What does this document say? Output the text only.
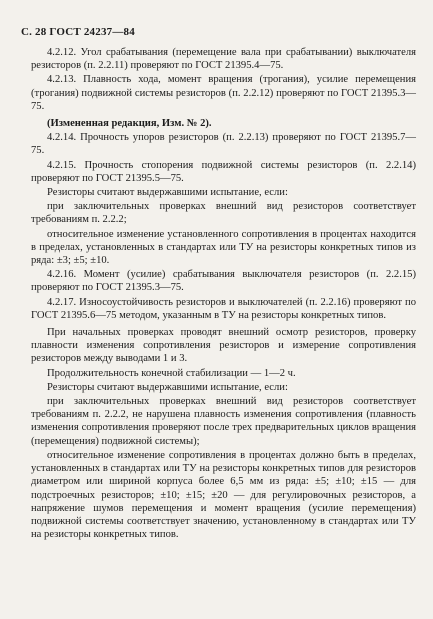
С. 28 ГОСТ 24237—84

4.2.12. Угол срабатывания (перемещение вала при срабатывании) выключателя резисторов (п. 2.2.11) проверяют по ГОСТ 21395.4—75.

4.2.13. Плавность хода, момент вращения (трогания), усилие перемещения (трогания) подвижной системы резисторов (п. 2.2.12) проверяют по ГОСТ 21395.3—75.

(Измененная редакция, Изм. № 2).

4.2.14. Прочность упоров резисторов (п. 2.2.13) проверяют по ГОСТ 21395.7—75.

4.2.15. Прочность стопорения подвижной системы резисторов (п. 2.2.14) проверяют по ГОСТ 21395.5—75.

Резисторы считают выдержавшими испытание, если:

при заключительных проверках внешний вид резисторов соответствует требованиям п. 2.2.2;

относительное изменение установленного сопротивления в процентах находится в пределах, установленных в стандартах или ТУ на резисторы конкретных типов из ряда: ±3; ±5; ±10.

4.2.16. Момент (усилие) срабатывания выключателя резисторов (п. 2.2.15) проверяют по ГОСТ 21395.3—75.

4.2.17. Износоустойчивость резисторов и выключателей (п. 2.2.16) проверяют по ГОСТ 21395.6—75 методом, указанным в ТУ на резисторы конкретных типов.

При начальных проверках проводят внешний осмотр резисторов, проверку плавности изменения сопротивления резисторов и измерение сопротивления резисторов между выводами 1 и 3.

Продолжительность конечной стабилизации — 1—2 ч.

Резисторы считают выдержавшими испытание, если:

при заключительных проверках внешний вид резисторов соответствует требованиям п. 2.2.2, не нарушена плавность изменения сопротивления (плавность изменения сопротивления проверяют после трех предварительных циклов вращения (перемещения) подвижной системы);

относительное изменение сопротивления в процентах должно быть в пределах, установленных в стандартах или ТУ на резисторы конкретных типов для резисторов диаметром или шириной корпуса более 6,5 мм из ряда: ±5; ±10; ±15 — для подстроечных резисторов; ±10; ±15; ±20 — для регулировочных резисторов, а напряжение шумов перемещения и момент вращения (усилие перемещения) подвижной системы соответствует значению, установленному в стандартах или ТУ на резисторы конкретных типов.
